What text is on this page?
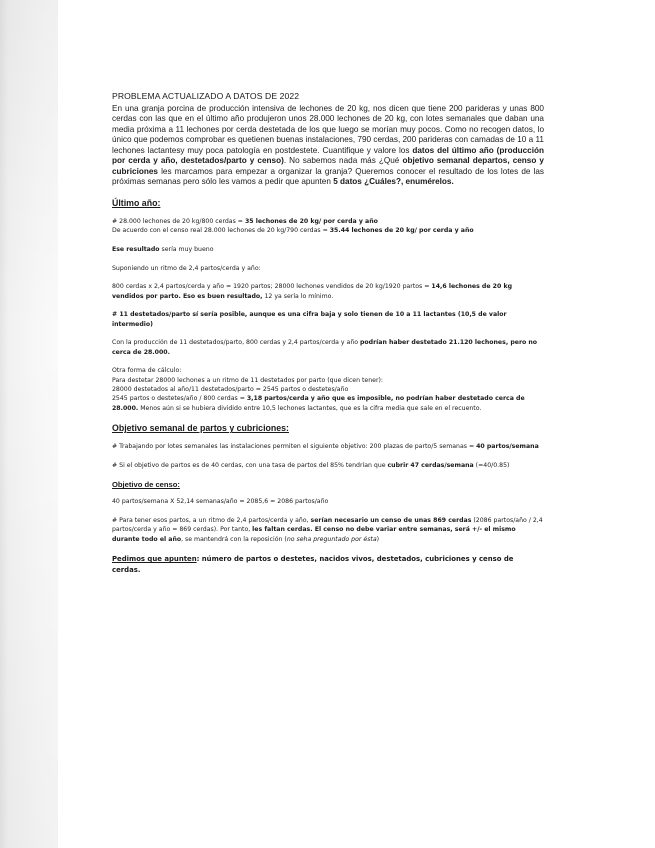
PROBLEMA ACTUALIZADO A DATOS DE 2022

En una granja porcina de producción intensiva de lechones de 20 kg, nos dicen que tiene 200 parideras y unas 800 cerdas con las que en el último año produjeron unos 28.000 lechones de 20 kg, con lotes semanales que daban una media próxima a 11 lechones por cerda destetada de los que luego se morían muy pocos. Como no recogen datos, lo único que podemos comprobar es quetienen buenas instalaciones, 790 cerdas, 200 parideras con camadas de 10 a 11 lechones lactantesy muy poca patología en postdestete. Cuantifique y valore los datos del último año (producción por cerda y año, destetados/parto y censo). No sabemos nada más ¿Qué objetivo semanal departos, censo y cubriciones les marcamos para empezar a organizar la granja? Queremos conocer el resultado de los lotes de las próximas semanas pero sólo les vamos a pedir que apunten 5 datos ¿Cuáles?, enumérelos.

Último año:

# 28.000 lechones de 20 kg/800 cerdas = 35 lechones de 20 kg/ por cerda y año

De acuerdo con el censo real 28.000 lechones de 20 kg/790 cerdas = 35.44 lechones de 20 kg/ por cerda y año

Ese resultado sería muy bueno

Suponiendo un ritmo de 2,4 partos/cerda y año:

800 cerdas x 2,4 partos/cerda y año = 1920 partos; 28000 lechones vendidos de 20 kg/1920 partos = 14,6 lechones de 20 kg vendidos por parto. Eso es buen resultado, 12 ya sería lo mínimo.

# 11 destetados/parto sí sería posible, aunque es una cifra baja y solo tienen de 10 a 11 lactantes (10,5 de valor intermedio)

Con la producción de 11 destetados/parto, 800 cerdas y 2,4 partos/cerda y año podrían haber destetado 21.120 lechones, pero no cerca de 28.000.

Otra forma de cálculo:

Para destetar 28000 lechones a un ritmo de 11 destetados por parto (que dicen tener):

28000 destetados al año/11 destetados/parto = 2545 partos o destetes/año

2545 partos o destetes/año / 800 cerdas = 3,18 partos/cerda y año que es imposible, no podrían haber destetado cerca de 28.000. Menos aún si se hubiera dividido entre 10,5 lechones lactantes, que es la cifra media que sale en el recuento.

Objetivo semanal de partos y cubriciones:

# Trabajando por lotes semanales las instalaciones permiten el siguiente objetivo: 200 plazas de parto/5 semanas = 40 partos/semana

# Si el objetivo de partos es de 40 cerdas, con una tasa de partos del 85% tendrían que cubrir 47 cerdas/semana (=40/0.85)

Objetivo de censo:

40 partos/semana X 52,14 semanas/año = 2085,6 = 2086 partos/año

# Para tener esos partos, a un ritmo de 2,4 partos/cerda y año, serían necesario un censo de unas 869 cerdas (2086 partos/año / 2,4 partos/cerda y año = 869 cerdas). Por tanto, les faltan cerdas. El censo no debe variar entre semanas, será +/- el mismo durante todo el año, se mantendrá con la reposición (no seha preguntado por ésta)

Pedimos que apunten: número de partos o destetes, nacidos vivos, destetados, cubriciones y censo de cerdas.
